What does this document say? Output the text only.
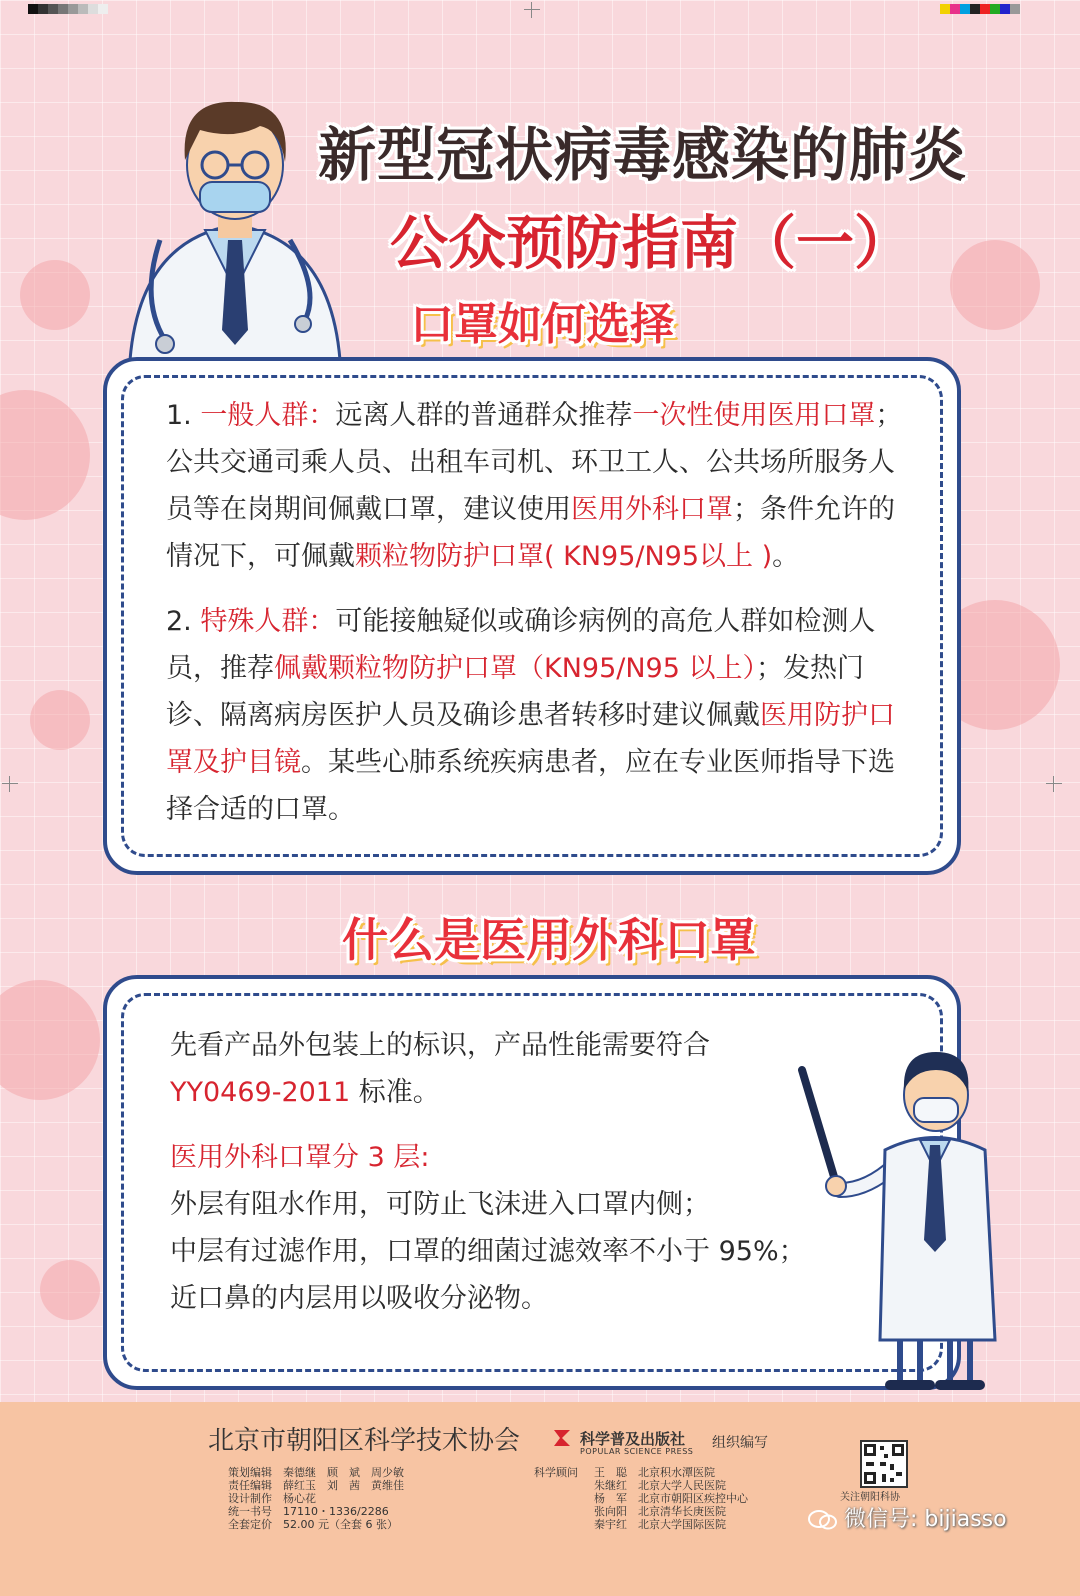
新型冠状病毒感染的肺炎
公众预防指南（一）
口罩如何选择
1. 一般人群：远离人群的普通群众推荐一次性使用医用口罩；公共交通司乘人员、出租车司机、环卫工人、公共场所服务人员等在岗期间佩戴口罩，建议使用医用外科口罩；条件允许的情况下，可佩戴颗粒物防护口罩( KN95/N95以上 )。
2. 特殊人群：可能接触疑似或确诊病例的高危人群如检测人员，推荐佩戴颗粒物防护口罩（KN95/N95 以上）；发热门诊、隔离病房医护人员及确诊患者转移时建议佩戴医用防护口罩及护目镜。某些心肺系统疾病患者，应在专业医师指导下选择合适的口罩。
什么是医用外科口罩
先看产品外包装上的标识，产品性能需要符合
YY0469-2011 标准。
医用外科口罩分 3 层:
外层有阻水作用，可防止飞沫进入口罩内侧；
中层有过滤作用，口罩的细菌过滤效率不小于 95%；
近口鼻的内层用以吸收分泌物。
北京市朝阳区科学技术协会	科学普及出版社
POPULAR SCIENCE PRESS
组织编写
策划编辑　秦德继　顾　斌　周少敏
责任编辑　薛红玉　刘　茜　黄维佳
设计制作　杨心花
统一书号　17110・1336/2286
全套定价　52.00 元（全套 6 张）
科学顾问 王　聪　北京积水潭医院
朱继红　北京大学人民医院
杨　军　北京市朝阳区疾控中心
张向阳　北京清华长庚医院
秦宇红　北京大学国际医院
关注朝阳科协
微信号: bijiasso
